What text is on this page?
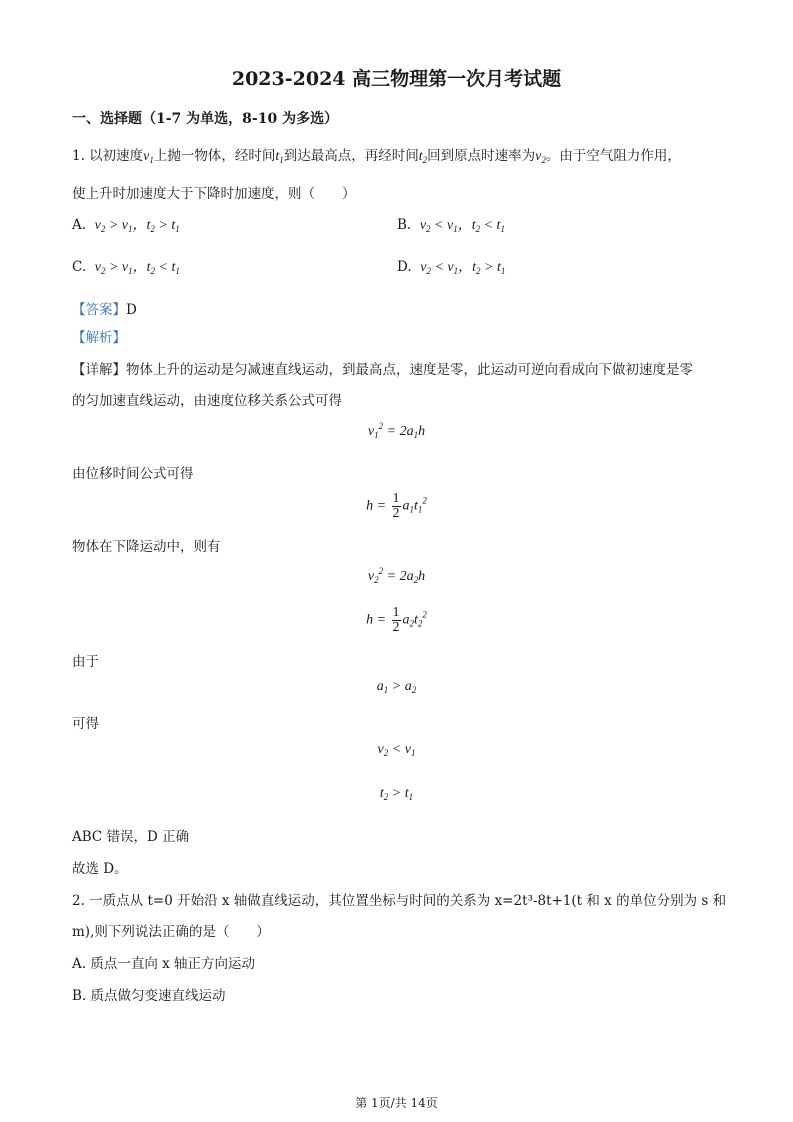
2023-2024 高三物理第一次月考试题
一、选择题（1-7 为单选，8-10 为多选）
1. 以初速度$v_1$上抛一物体，经时间$t_1$到达最高点，再经时间$t_2$回到原点时速率为$v_2$。由于空气阻力作用，
使上升时加速度大于下降时加速度，则（　　）
A. $v_2 > v_1$，$t_2 > t_1$	B. $v_2 < v_1$，$t_2 < t_1$
C. $v_2 > v_1$，$t_2 < t_1$	D. $v_2 < v_1$，$t_2 > t_1$
【答案】D
【解析】
【详解】物体上升的运动是匀减速直线运动，到最高点，速度是零，此运动可逆向看成向下做初速度是零
的匀加速直线运动，由速度位移关系公式可得
$v_1^2 = 2a_1h$
由位移时间公式可得
$h = \frac{1}{2} a_1t_1^2$
物体在下降运动中，则有
$v_2^2 = 2a_2h$
$h = \frac{1}{2} a_2t_2^2$
由于
$a_1 > a_2$
可得
$v_2 < v_1$
$t_2 > t_1$
ABC 错误，D 正确
故选 D。
2. 一质点从 t=0 开始沿 x 轴做直线运动，其位置坐标与时间的关系为 x=2t³-8t+1(t 和 x 的单位分别为 s 和
m),则下列说法正确的是（　　）
A. 质点一直向 x 轴正方向运动
B. 质点做匀变速直线运动
第 1页/共 14页
